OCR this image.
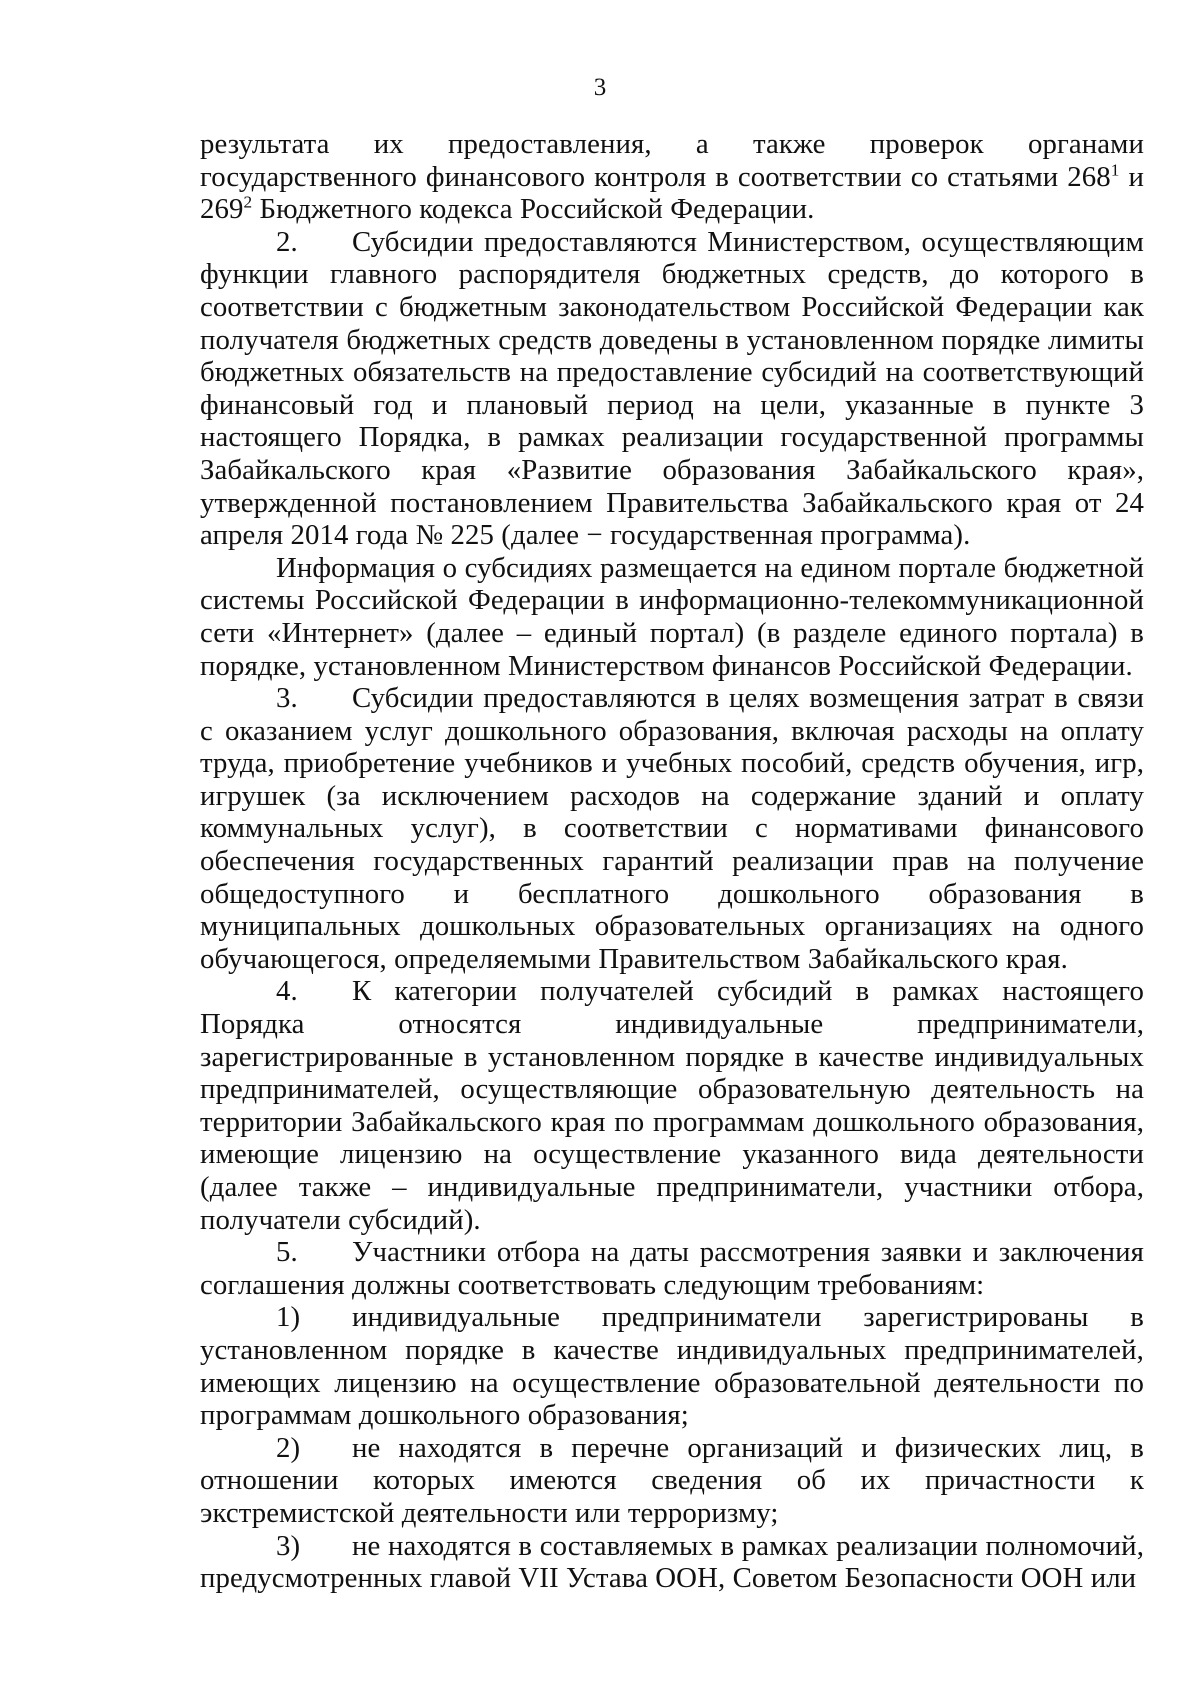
3

результата их предоставления, а также проверок органами государственного финансового контроля в соответствии со статьями $268^1$ и $269^2$ Бюджетного кодекса Российской Федерации.

2. Субсидии предоставляются Министерством, осуществляющим функции главного распорядителя бюджетных средств, до которого в соответствии с бюджетным законодательством Российской Федерации как получателя бюджетных средств доведены в установленном порядке лимиты бюджетных обязательств на предоставление субсидий на соответствующий финансовый год и плановый период на цели, указанные в пункте 3 настоящего Порядка, в рамках реализации государственной программы Забайкальского края «Развитие образования Забайкальского края», утвержденной постановлением Правительства Забайкальского края от 24 апреля 2014 года № 225 (далее − государственная программа).

Информация о субсидиях размещается на едином портале бюджетной системы Российской Федерации в информационно-телекоммуникационной сети «Интернет» (далее – единый портал) (в разделе единого портала) в порядке, установленном Министерством финансов Российской Федерации.

3. Субсидии предоставляются в целях возмещения затрат в связи с оказанием услуг дошкольного образования, включая расходы на оплату труда, приобретение учебников и учебных пособий, средств обучения, игр, игрушек (за исключением расходов на содержание зданий и оплату коммунальных услуг), в соответствии с нормативами финансового обеспечения государственных гарантий реализации прав на получение общедоступного и бесплатного дошкольного образования в муниципальных дошкольных образовательных организациях на одного обучающегося, определяемыми Правительством Забайкальского края.

4. К категории получателей субсидий в рамках настоящего Порядка относятся индивидуальные предприниматели, зарегистрированные в установленном порядке в качестве индивидуальных предпринимателей, осуществляющие образовательную деятельность на территории Забайкальского края по программам дошкольного образования, имеющие лицензию на осуществление указанного вида деятельности (далее также – индивидуальные предприниматели, участники отбора, получатели субсидий).

5. Участники отбора на даты рассмотрения заявки и заключения соглашения должны соответствовать следующим требованиям:

1) индивидуальные предприниматели зарегистрированы в установленном порядке в качестве индивидуальных предпринимателей, имеющих лицензию на осуществление образовательной деятельности по программам дошкольного образования;

2) не находятся в перечне организаций и физических лиц, в отношении которых имеются сведения об их причастности к экстремистской деятельности или терроризму;

3) не находятся в составляемых в рамках реализации полномочий, предусмотренных главой VII Устава ООН, Советом Безопасности ООН или
